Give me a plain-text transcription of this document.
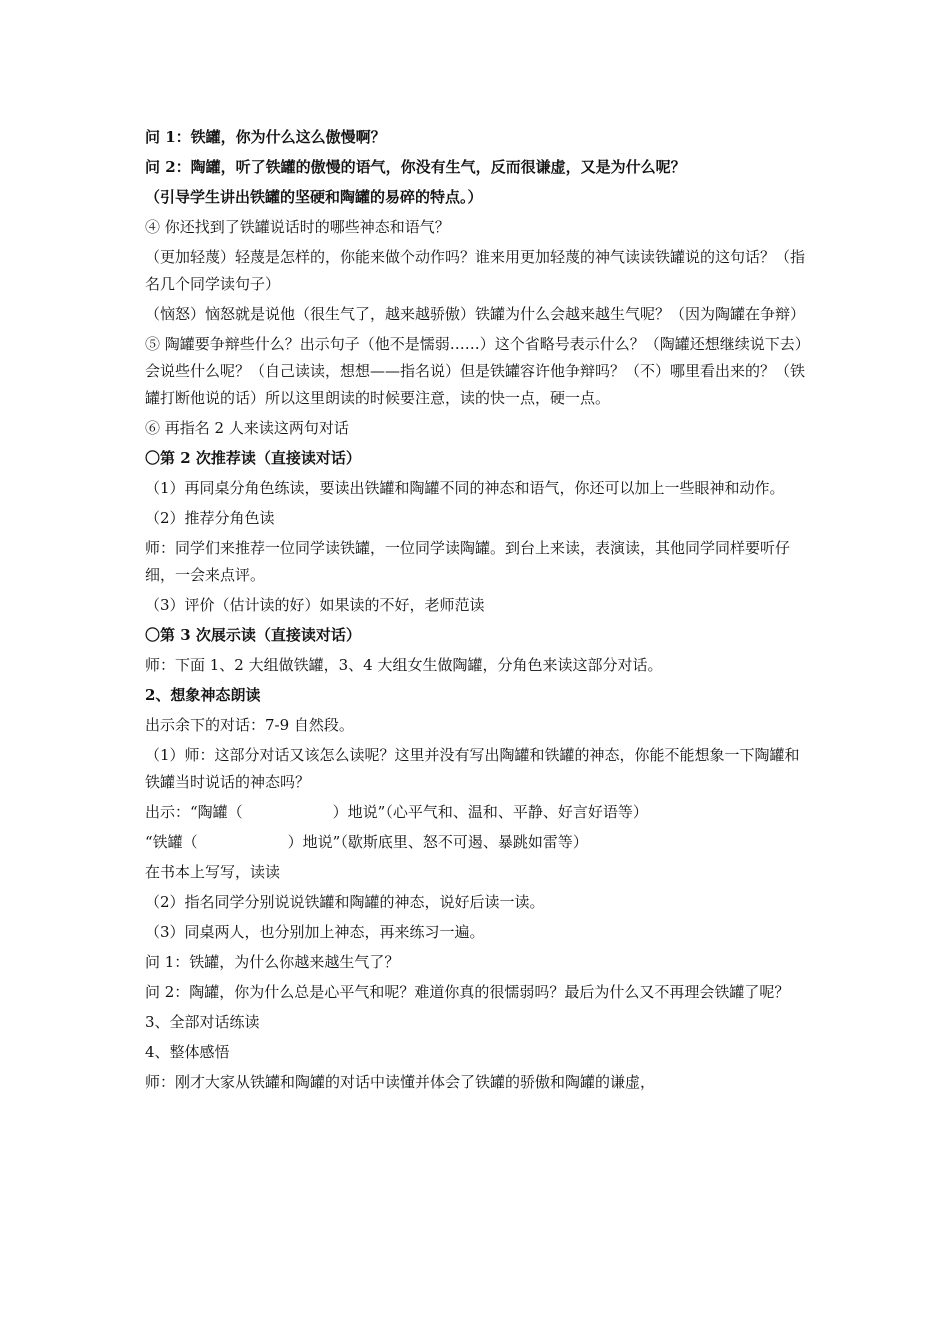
问 1：铁罐，你为什么这么傲慢啊？

问 2：陶罐，听了铁罐的傲慢的语气，你没有生气，反而很谦虚，又是为什么呢？

（引导学生讲出铁罐的坚硬和陶罐的易碎的特点。）

④ 你还找到了铁罐说话时的哪些神态和语气？

（更加轻蔑）轻蔑是怎样的，你能来做个动作吗？谁来用更加轻蔑的神气读读铁罐说的这句话？（指名几个同学读句子）

（恼怒）恼怒就是说他（很生气了，越来越骄傲）铁罐为什么会越来越生气呢？（因为陶罐在争辩）

⑤ 陶罐要争辩些什么？出示句子（他不是懦弱……）这个省略号表示什么？（陶罐还想继续说下去）会说些什么呢？（自己读读，想想——指名说）但是铁罐容许他争辩吗？（不）哪里看出来的？（铁罐打断他说的话）所以这里朗读的时候要注意，读的快一点，硬一点。

⑥ 再指名 2 人来读这两句对话

〇第 2 次推荐读（直接读对话）

（1）再同桌分角色练读，要读出铁罐和陶罐不同的神态和语气，你还可以加上一些眼神和动作。

（2）推荐分角色读

师：同学们来推荐一位同学读铁罐，一位同学读陶罐。到台上来读，表演读，其他同学同样要听仔细，一会来点评。

（3）评价（估计读的好）如果读的不好，老师范读

〇第 3 次展示读（直接读对话）

师：下面 1、2 大组做铁罐，3、4 大组女生做陶罐，分角色来读这部分对话。

2、想象神态朗读

出示余下的对话：7-9 自然段。

（1）师：这部分对话又该怎么读呢？这里并没有写出陶罐和铁罐的神态，你能不能想象一下陶罐和铁罐当时说话的神态吗？

出示：“陶罐（　　　　　　）地说”（心平气和、温和、平静、好言好语等）

“铁罐（　　　　　　）地说”（歇斯底里、怒不可遏、暴跳如雷等）

在书本上写写，读读

（2）指名同学分别说说铁罐和陶罐的神态，说好后读一读。

（3）同桌两人，也分别加上神态，再来练习一遍。

问 1：铁罐，为什么你越来越生气了？

问 2：陶罐，你为什么总是心平气和呢？难道你真的很懦弱吗？最后为什么又不再理会铁罐了呢？

3、全部对话练读

4、整体感悟

师：刚才大家从铁罐和陶罐的对话中读懂并体会了铁罐的骄傲和陶罐的谦虚，
